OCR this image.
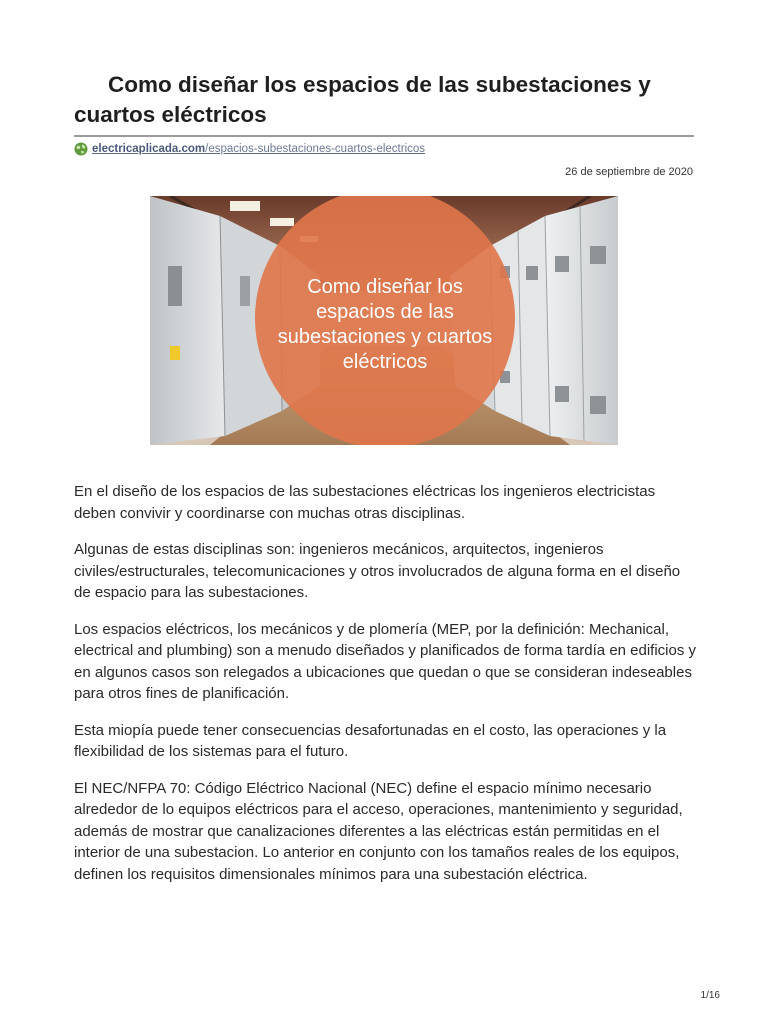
Como diseñar los espacios de las subestaciones y cuartos eléctricos
electricaplicada.com/espacios-subestaciones-cuartos-electricos
26 de septiembre de 2020
Como diseñar los
espacios de las
subestaciones y cuartos
eléctricos

En el diseño de los espacios de las subestaciones eléctricas los ingenieros electricistas deben convivir y coordinarse con muchas otras disciplinas.

Algunas de estas disciplinas son: ingenieros mecánicos, arquitectos, ingenieros civiles/estructurales, telecomunicaciones y otros involucrados de alguna forma en el diseño de espacio para las subestaciones.

Los espacios eléctricos, los mecánicos y de plomería (MEP, por la definición: Mechanical, electrical and plumbing) son a menudo diseñados y planificados de forma tardía en edificios y en algunos casos son relegados a ubicaciones que quedan o que se consideran indeseables para otros fines de planificación.

Esta miopía puede tener consecuencias desafortunadas en el costo, las operaciones y la flexibilidad de los sistemas para el futuro.

El NEC/NFPA 70: Código Eléctrico Nacional (NEC) define el espacio mínimo necesario alrededor de lo equipos eléctricos para el acceso, operaciones, mantenimiento y seguridad, además de mostrar que canalizaciones diferentes a las eléctricas están permitidas en el interior de una subestacion. Lo anterior en conjunto con los tamaños reales de los equipos, definen los requisitos dimensionales mínimos para una subestación eléctrica.

1/16
